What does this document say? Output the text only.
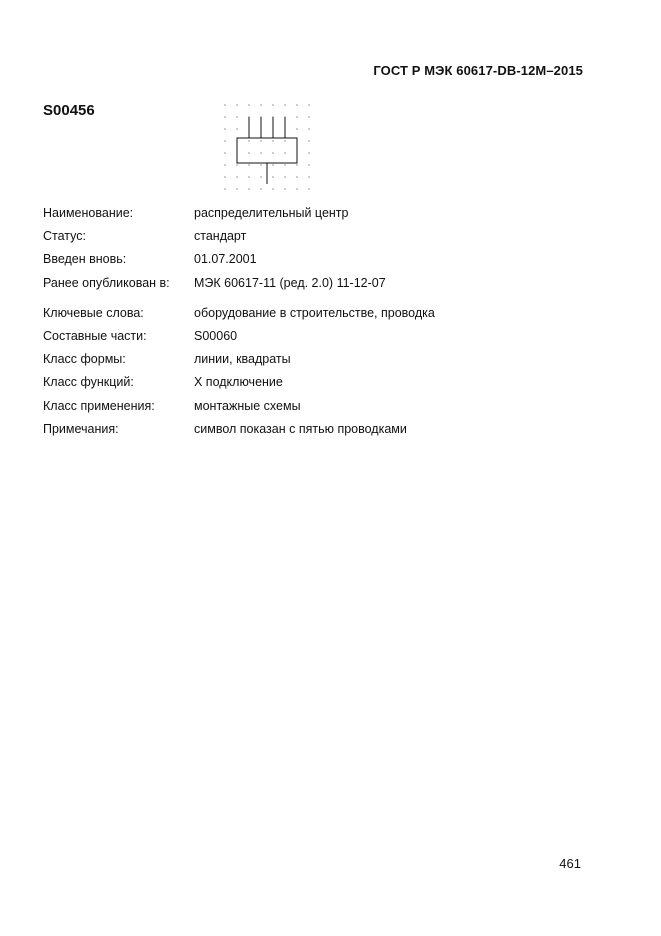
ГОСТ Р МЭК 60617-DB-12M–2015
S00456
Наименование:	распределительный центр
Статус:	стандарт
Введен вновь:	01.07.2001
Ранее опубликован в:	МЭК 60617-11 (ред. 2.0) 11-12-07
Ключевые слова:	оборудование в строительстве, проводка
Составные части:	S00060
Класс формы:	линии, квадраты
Класс функций:	X подключение
Класс применения:	монтажные схемы
Примечания:	символ показан с пятью проводками
461
